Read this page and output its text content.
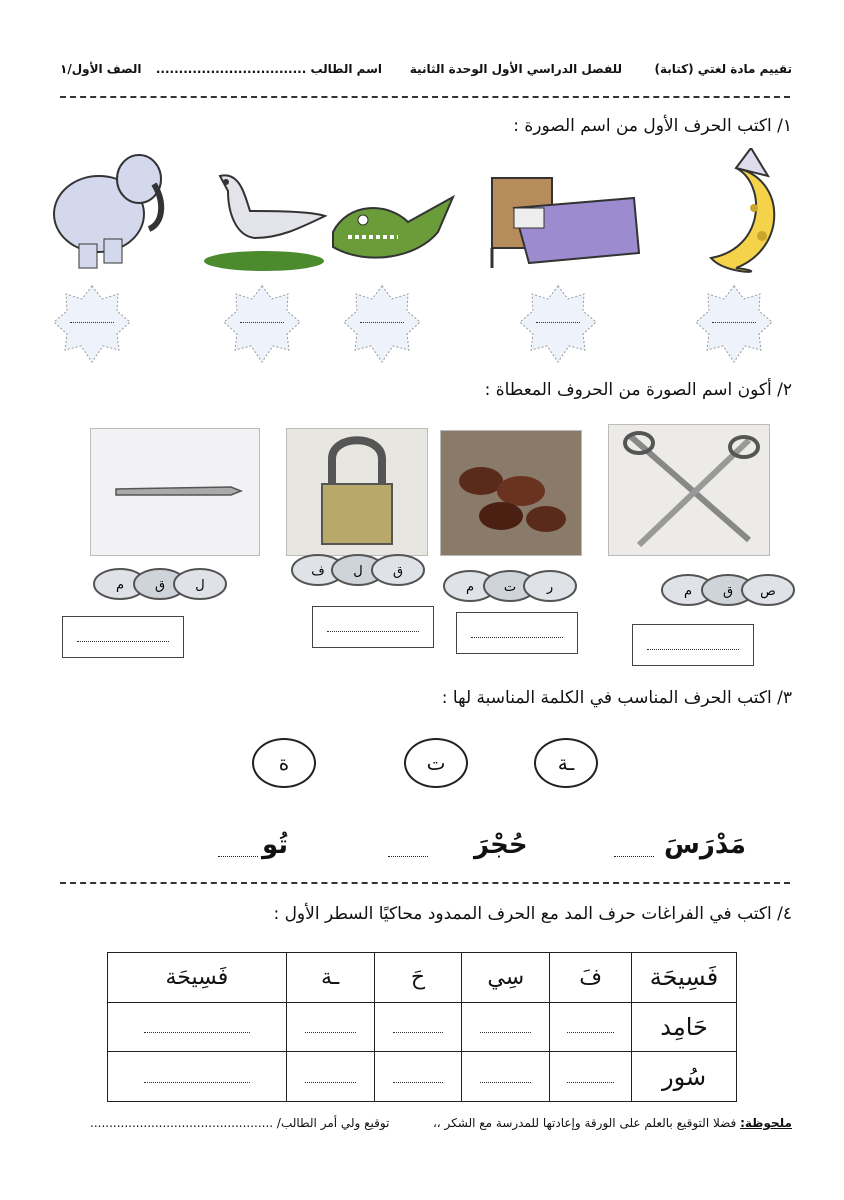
تقييم مادة لغتي (كتابة)
للفصل الدراسي الأول الوحدة الثانية
اسم الطالب .................................
الصف الأول/١
١/ اكتب الحرف الأول من اسم الصورة :
٢/ أكون اسم الصورة من الحروف المعطاة :
ص
ق
م
ر
ت
م
ق
ل
ف
ل
ق
م
٣/ اكتب الحرف المناسب في الكلمة المناسبة لها :
ـة
ت
ة
مَدْرَسَ
حُجْرَ
تُو
٤/ اكتب في الفراغات حرف المد مع الحرف الممدود محاكيًا السطر الأول :
فَسِيحَة	فَ	سِي	حَ	ـة	فَسِيحَة
حَامِد					
سُور					
ملحوظة: فضلا التوقيع بالعلم على الورقة وإعادتها للمدرسة مع الشكر ،،
توقيع ولي أمر الطالب/ ................................................
